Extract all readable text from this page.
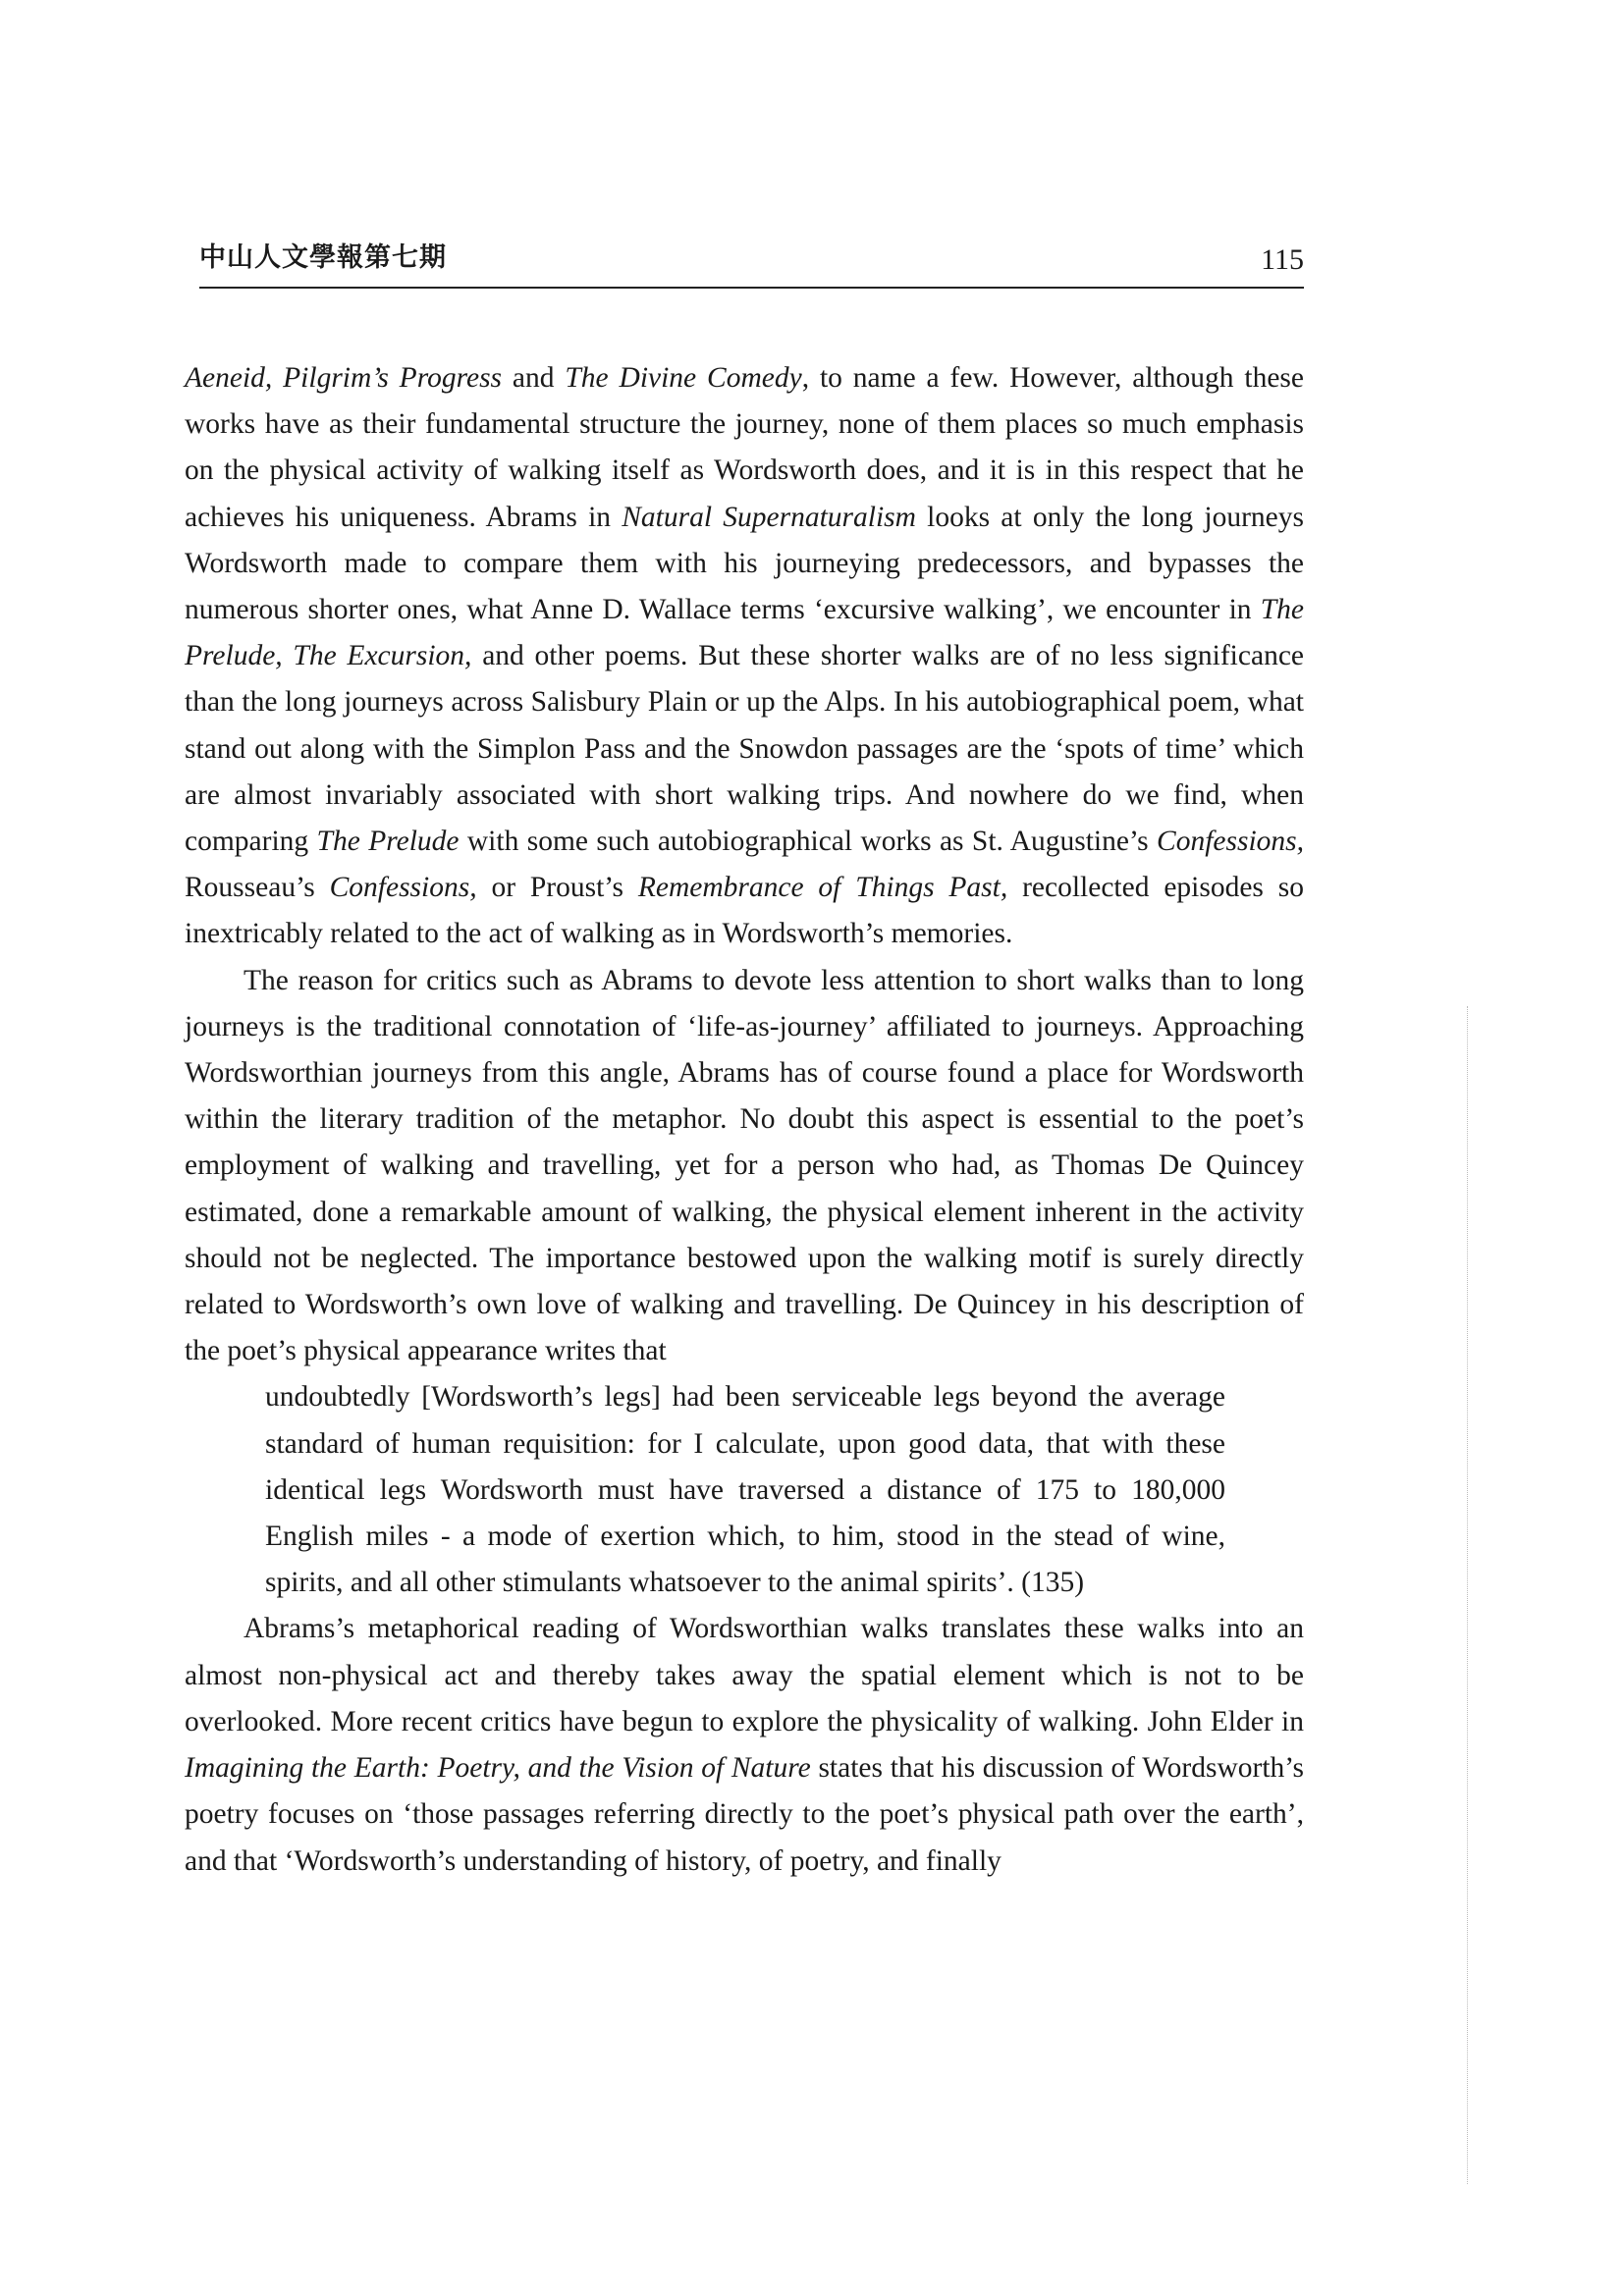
中山人文學報第七期	115

Aeneid, Pilgrim’s Progress and The Divine Comedy, to name a few. However, although these works have as their fundamental structure the journey, none of them places so much emphasis on the physical activity of walking itself as Wordsworth does, and it is in this respect that he achieves his uniqueness. Abrams in Natural Supernaturalism looks at only the long journeys Wordsworth made to compare them with his journeying predecessors, and bypasses the numerous shorter ones, what Anne D. Wallace terms ‘excursive walking’, we encounter in The Prelude, The Excursion, and other poems. But these shorter walks are of no less significance than the long journeys across Salisbury Plain or up the Alps. In his autobiographical poem, what stand out along with the Simplon Pass and the Snowdon passages are the ‘spots of time’ which are almost invariably associated with short walking trips. And nowhere do we find, when comparing The Prelude with some such autobiographical works as St. Augustine’s Confessions, Rousseau’s Confessions, or Proust’s Remembrance of Things Past, recollected episodes so inextricably related to the act of walking as in Wordsworth’s memories.

The reason for critics such as Abrams to devote less attention to short walks than to long journeys is the traditional connotation of ‘life-as-journey’ affiliated to journeys. Approaching Wordsworthian journeys from this angle, Abrams has of course found a place for Wordsworth within the literary tradition of the metaphor. No doubt this aspect is essential to the poet’s employment of walking and travelling, yet for a person who had, as Thomas De Quincey estimated, done a remarkable amount of walking, the physical element inherent in the activity should not be neglected. The importance bestowed upon the walking motif is surely directly related to Wordsworth’s own love of walking and travelling. De Quincey in his description of the poet’s physical appearance writes that

undoubtedly [Wordsworth’s legs] had been serviceable legs beyond the average standard of human requisition: for I calculate, upon good data, that with these identical legs Wordsworth must have traversed a distance of 175 to 180,000 English miles - a mode of exertion which, to him, stood in the stead of wine, spirits, and all other stimulants whatsoever to the animal spirits’. (135)

Abrams’s metaphorical reading of Wordsworthian walks translates these walks into an almost non-physical act and thereby takes away the spatial element which is not to be overlooked. More recent critics have begun to explore the physicality of walking. John Elder in Imagining the Earth: Poetry, and the Vision of Nature states that his discussion of Wordsworth’s poetry focuses on ‘those passages referring directly to the poet’s physical path over the earth’, and that ‘Wordsworth’s understanding of history, of poetry, and finally
